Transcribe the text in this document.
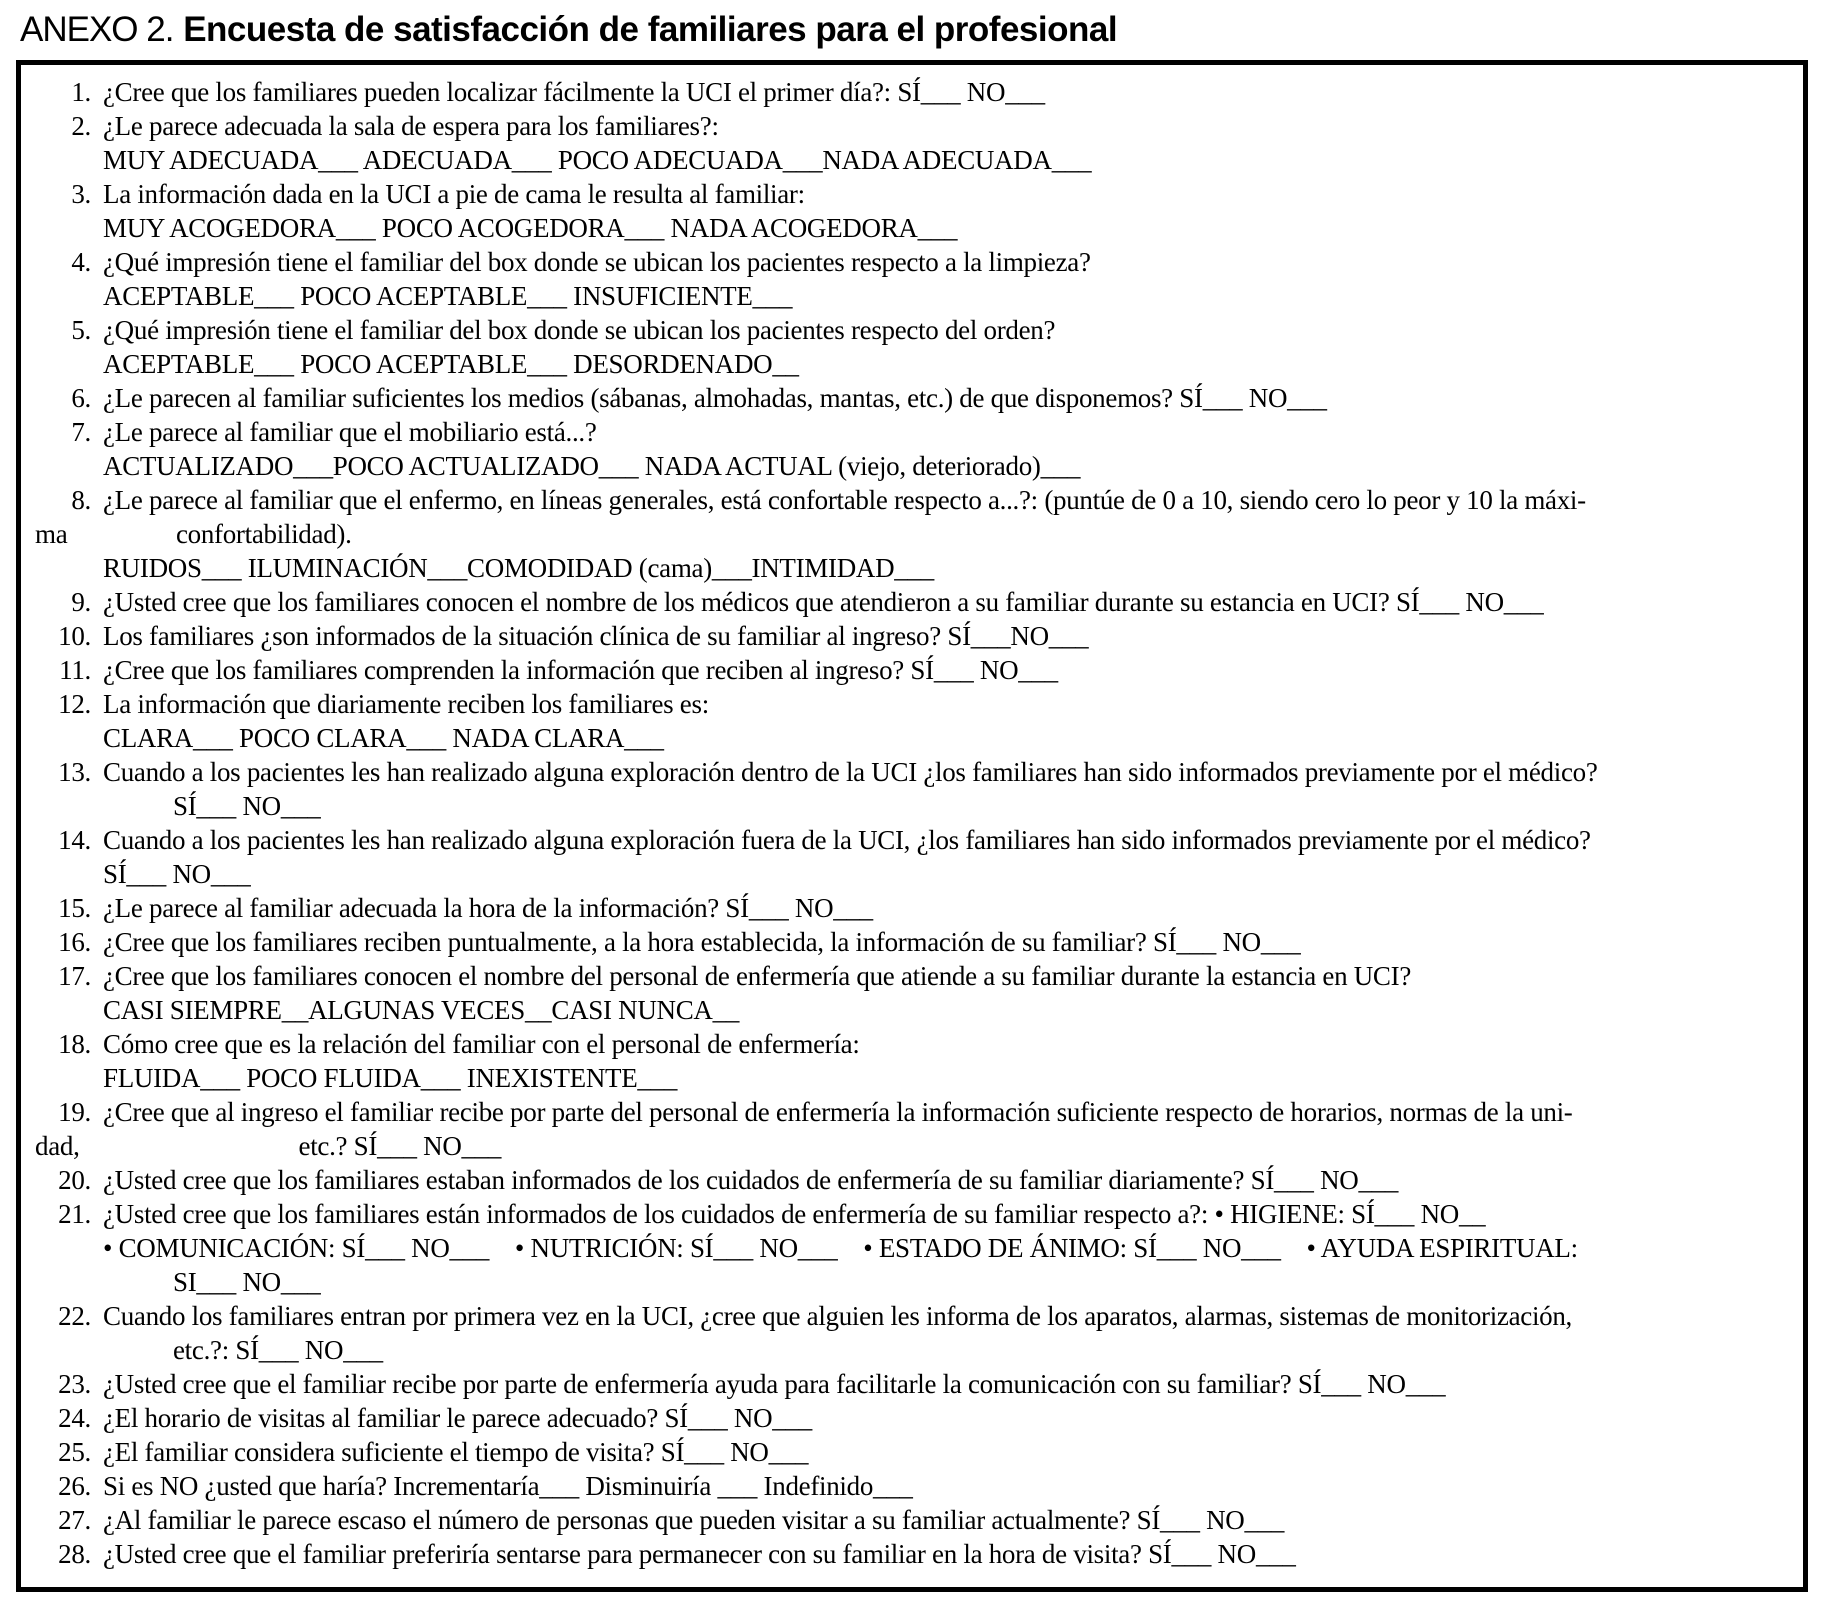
ANEXO 2. Encuesta de satisfacción de familiares para el profesional
1. ¿Cree que los familiares pueden localizar fácilmente la UCI el primer día?: SÍ___ NO___
2. ¿Le parece adecuada la sala de espera para los familiares?:
MUY ADECUADA___ ADECUADA___ POCO ADECUADA___NADA ADECUADA___
3. La información dada en la UCI a pie de cama le resulta al familiar:
MUY ACOGEDORA___ POCO ACOGEDORA___ NADA ACOGEDORA___
4. ¿Qué impresión tiene el familiar del box donde se ubican los pacientes respecto a la limpieza?
ACEPTABLE___ POCO ACEPTABLE___ INSUFICIENTE___
5. ¿Qué impresión tiene el familiar del box donde se ubican los pacientes respecto del orden?
ACEPTABLE___ POCO ACEPTABLE___ DESORDENADO__
6. ¿Le parecen al familiar suficientes los medios (sábanas, almohadas, mantas, etc.) de que disponemos? SÍ___ NO___
7. ¿Le parece al familiar que el mobiliario está...?
ACTUALIZADO___POCO ACTUALIZADO___ NADA ACTUAL (viejo, deteriorado)___
8. ¿Le parece al familiar que el enfermo, en líneas generales, está confortable respecto a...?: (puntúe de 0 a 10, siendo cero lo peor y 10 la máxi-
ma	confortabilidad).
RUIDOS___ ILUMINACIÓN___COMODIDAD (cama)___INTIMIDAD___
9. ¿Usted cree que los familiares conocen el nombre de los médicos que atendieron a su familiar durante su estancia en UCI? SÍ___ NO___
10. Los familiares ¿son informados de la situación clínica de su familiar al ingreso? SÍ___NO___
11. ¿Cree que los familiares comprenden la información que reciben al ingreso? SÍ___ NO___
12. La información que diariamente reciben los familiares es:
CLARA___ POCO CLARA___ NADA CLARA___
13. Cuando a los pacientes les han realizado alguna exploración dentro de la UCI ¿los familiares han sido informados previamente por el médico?
SÍ___ NO___
14. Cuando a los pacientes les han realizado alguna exploración fuera de la UCI, ¿los familiares han sido informados previamente por el médico?
SÍ___ NO___
15. ¿Le parece al familiar adecuada la hora de la información? SÍ___ NO___
16. ¿Cree que los familiares reciben puntualmente, a la hora establecida, la información de su familiar? SÍ___ NO___
17. ¿Cree que los familiares conocen el nombre del personal de enfermería que atiende a su familiar durante la estancia en UCI?
CASI SIEMPRE__ALGUNAS VECES__CASI NUNCA__
18. Cómo cree que es la relación del familiar con el personal de enfermería:
FLUIDA___ POCO FLUIDA___ INEXISTENTE___
19. ¿Cree que al ingreso el familiar recibe por parte del personal de enfermería la información suficiente respecto de horarios, normas de la uni-
dad, etc.? SÍ___ NO___
20. ¿Usted cree que los familiares estaban informados de los cuidados de enfermería de su familiar diariamente? SÍ___ NO___
21. ¿Usted cree que los familiares están informados de los cuidados de enfermería de su familiar respecto a?: • HIGIENE: SÍ___ NO__
• COMUNICACIÓN: SÍ___ NO___    • NUTRICIÓN: SÍ___ NO___    • ESTADO DE ÁNIMO: SÍ___ NO___    • AYUDA ESPIRITUAL:
SI___ NO___
22. Cuando los familiares entran por primera vez en la UCI, ¿cree que alguien les informa de los aparatos, alarmas, sistemas de monitorización,
etc.?: SÍ___ NO___
23. ¿Usted cree que el familiar recibe por parte de enfermería ayuda para facilitarle la comunicación con su familiar? SÍ___ NO___
24. ¿El horario de visitas al familiar le parece adecuado? SÍ___ NO___
25. ¿El familiar considera suficiente el tiempo de visita? SÍ___ NO___
26. Si es NO ¿usted que haría? Incrementaría___ Disminuiría ___ Indefinido___
27. ¿Al familiar le parece escaso el número de personas que pueden visitar a su familiar actualmente? SÍ___ NO___
28. ¿Usted cree que el familiar preferiría sentarse para permanecer con su familiar en la hora de visita? SÍ___ NO___
